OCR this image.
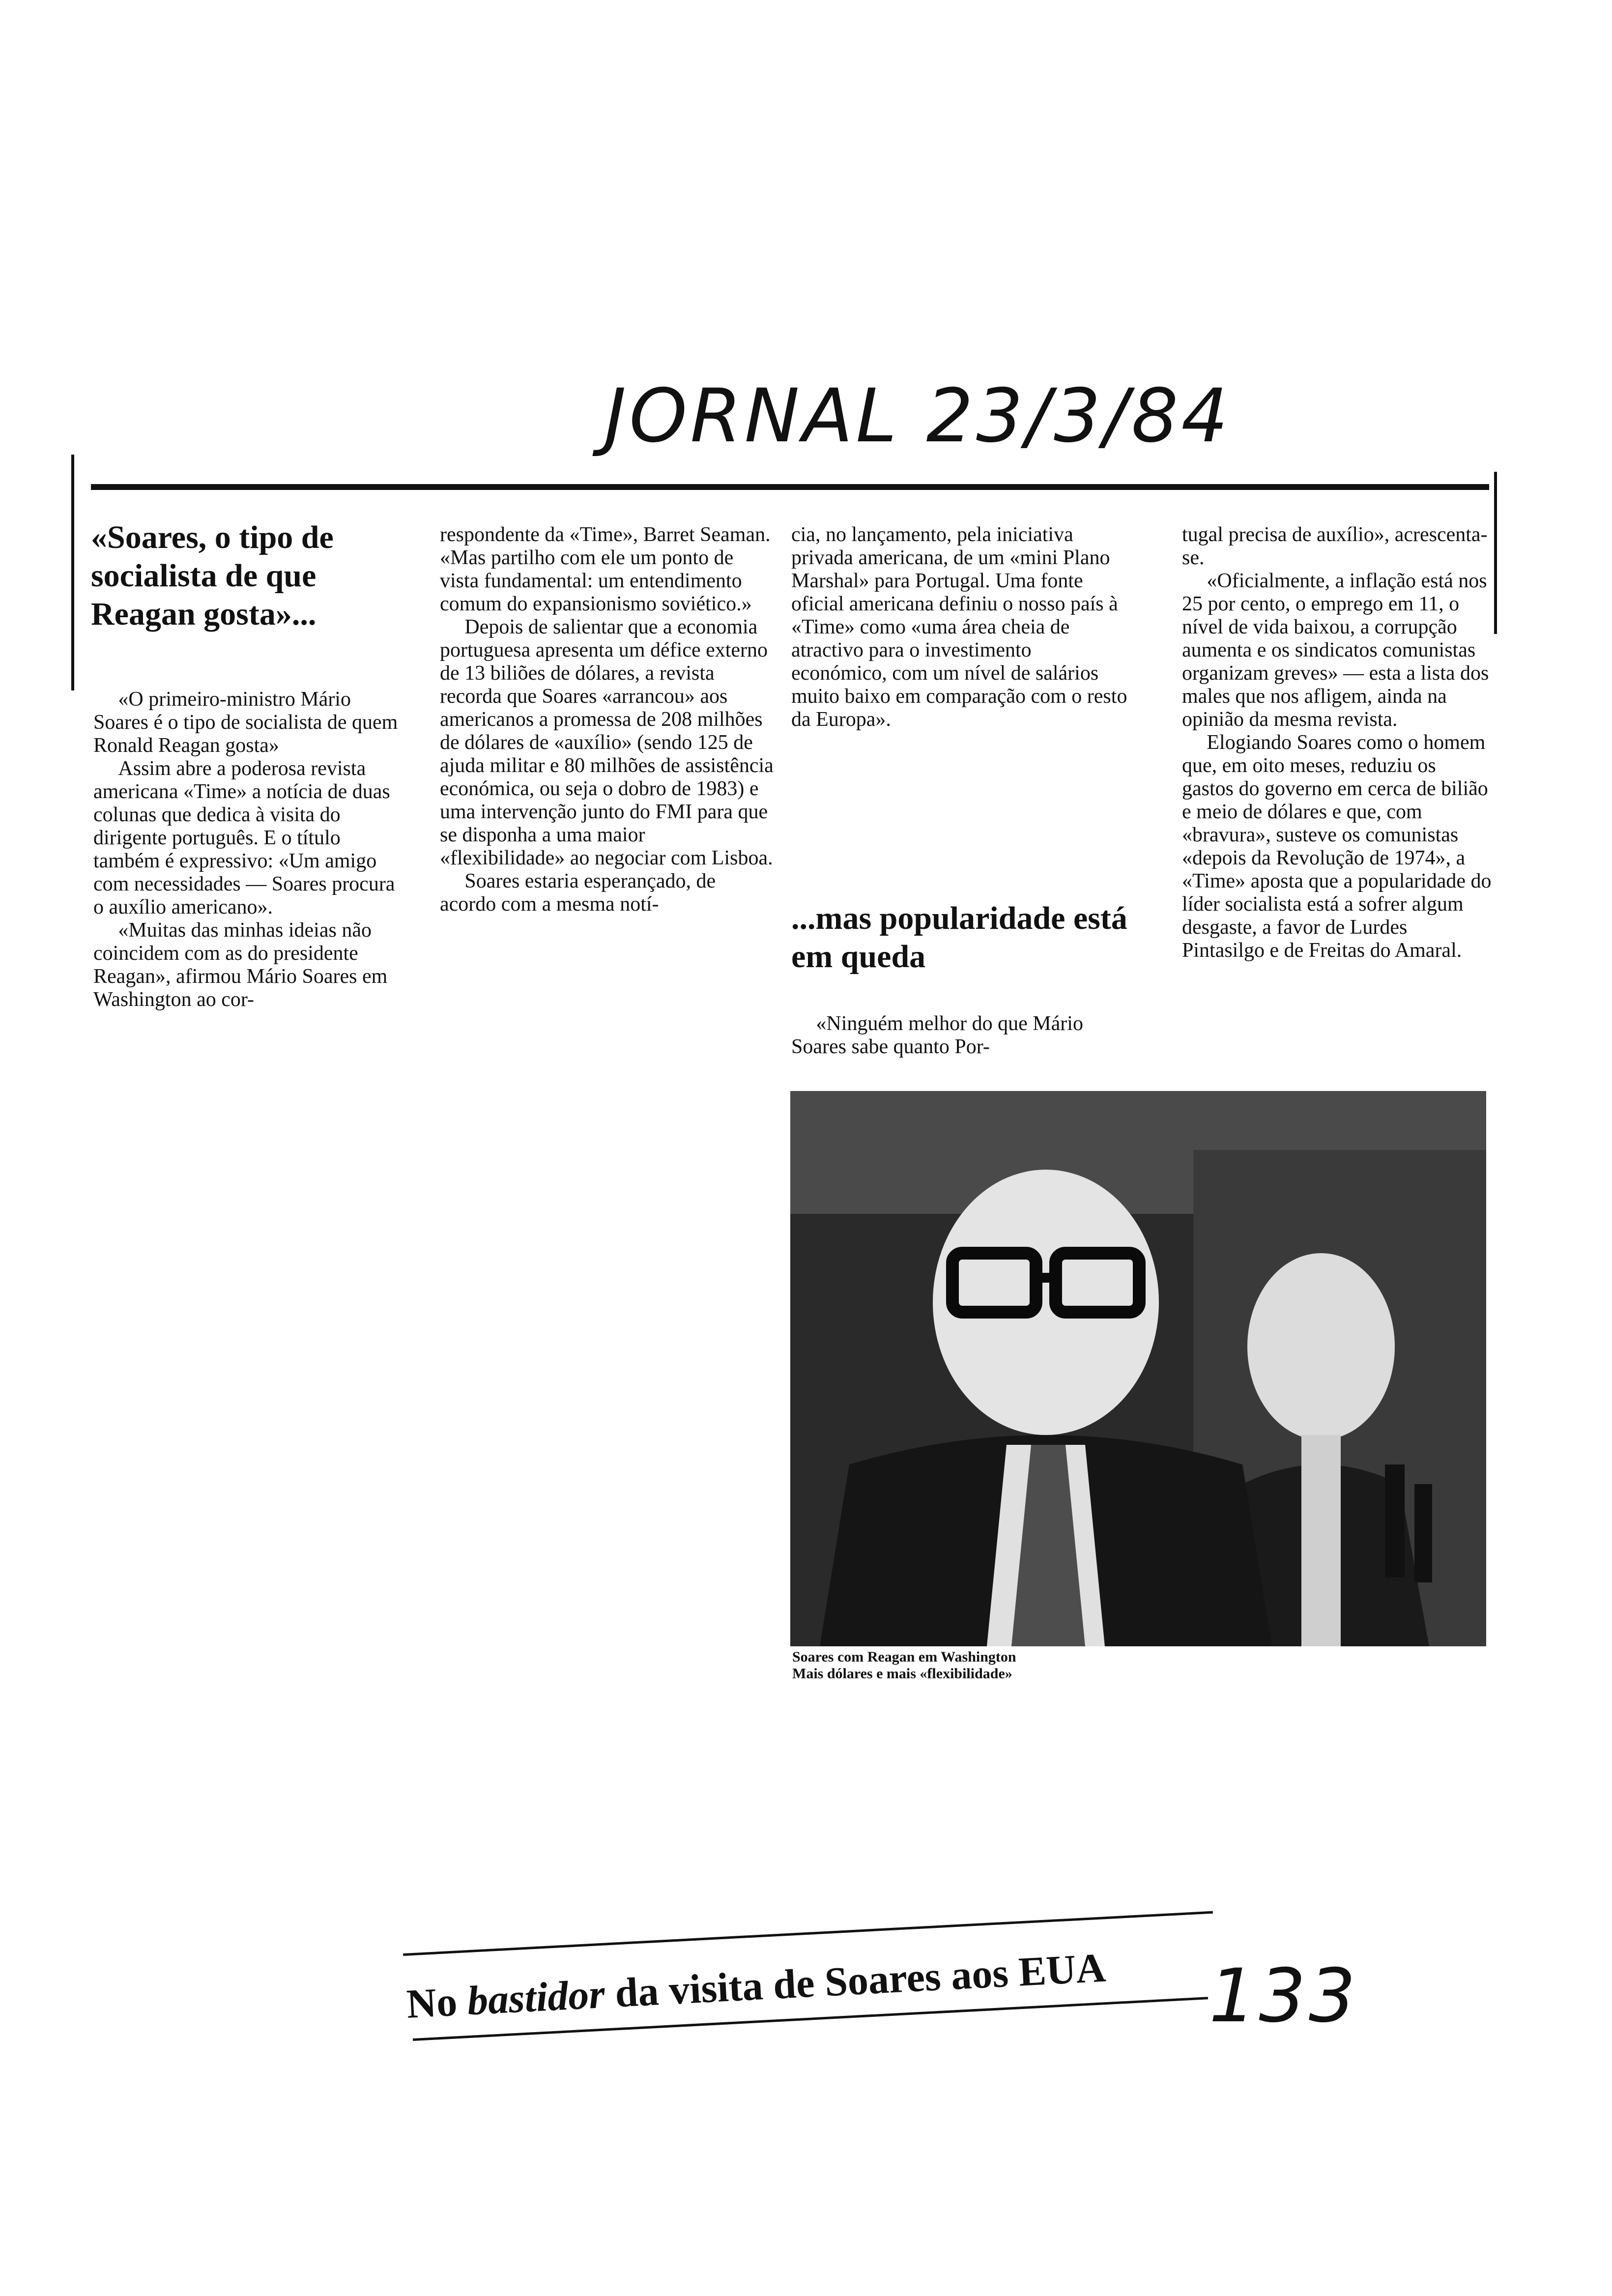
JORNAL 23/3/84
«Soares, o tipo de socialista de que Reagan gosta»...

«O primeiro-ministro Mário Soares é o tipo de socialista de quem Ronald Reagan gosta»

Assim abre a poderosa revista americana «Time» a notícia de duas colunas que dedica à visita do dirigente português. E o título também é expressivo: «Um amigo com necessidades — Soares procura o auxílio americano».

«Muitas das minhas ideias não coincidem com as do presidente Reagan», afirmou Mário Soares em Washington ao cor-

respondente da «Time», Barret Seaman. «Mas partilho com ele um ponto de vista fundamental: um entendimento comum do expansionismo soviético.»

Depois de salientar que a economia portuguesa apresenta um défice externo de 13 biliões de dólares, a revista recorda que Soares «arrancou» aos americanos a promessa de 208 milhões de dólares de «auxílio» (sendo 125 de ajuda militar e 80 milhões de assistência económica, ou seja o dobro de 1983) e uma intervenção junto do FMI para que se disponha a uma maior «flexibilidade» ao negociar com Lisboa.

Soares estaria esperançado, de acordo com a mesma notí-

cia, no lançamento, pela iniciativa privada americana, de um «mini Plano Marshal» para Portugal. Uma fonte oficial americana definiu o nosso país à «Time» como «uma área cheia de atractivo para o investimento económico, com um nível de salários muito baixo em comparação com o resto da Europa».

...mas popularidade está em queda

«Ninguém melhor do que Mário Soares sabe quanto Por-

tugal precisa de auxílio», acrescenta-se.

«Oficialmente, a inflação está nos 25 por cento, o emprego em 11, o nível de vida baixou, a corrupção aumenta e os sindicatos comunistas organizam greves» — esta a lista dos males que nos afligem, ainda na opinião da mesma revista.

Elogiando Soares como o homem que, em oito meses, reduziu os gastos do governo em cerca de bilião e meio de dólares e que, com «bravura», susteve os comunistas «depois da Revolução de 1974», a «Time» aposta que a popularidade do líder socialista está a sofrer algum desgaste, a favor de Lurdes Pintasilgo e de Freitas do Amaral.

Soares com Reagan em Washington
Mais dólares e mais «flexibilidade»
No bastidor da visita de Soares aos EUA	133
